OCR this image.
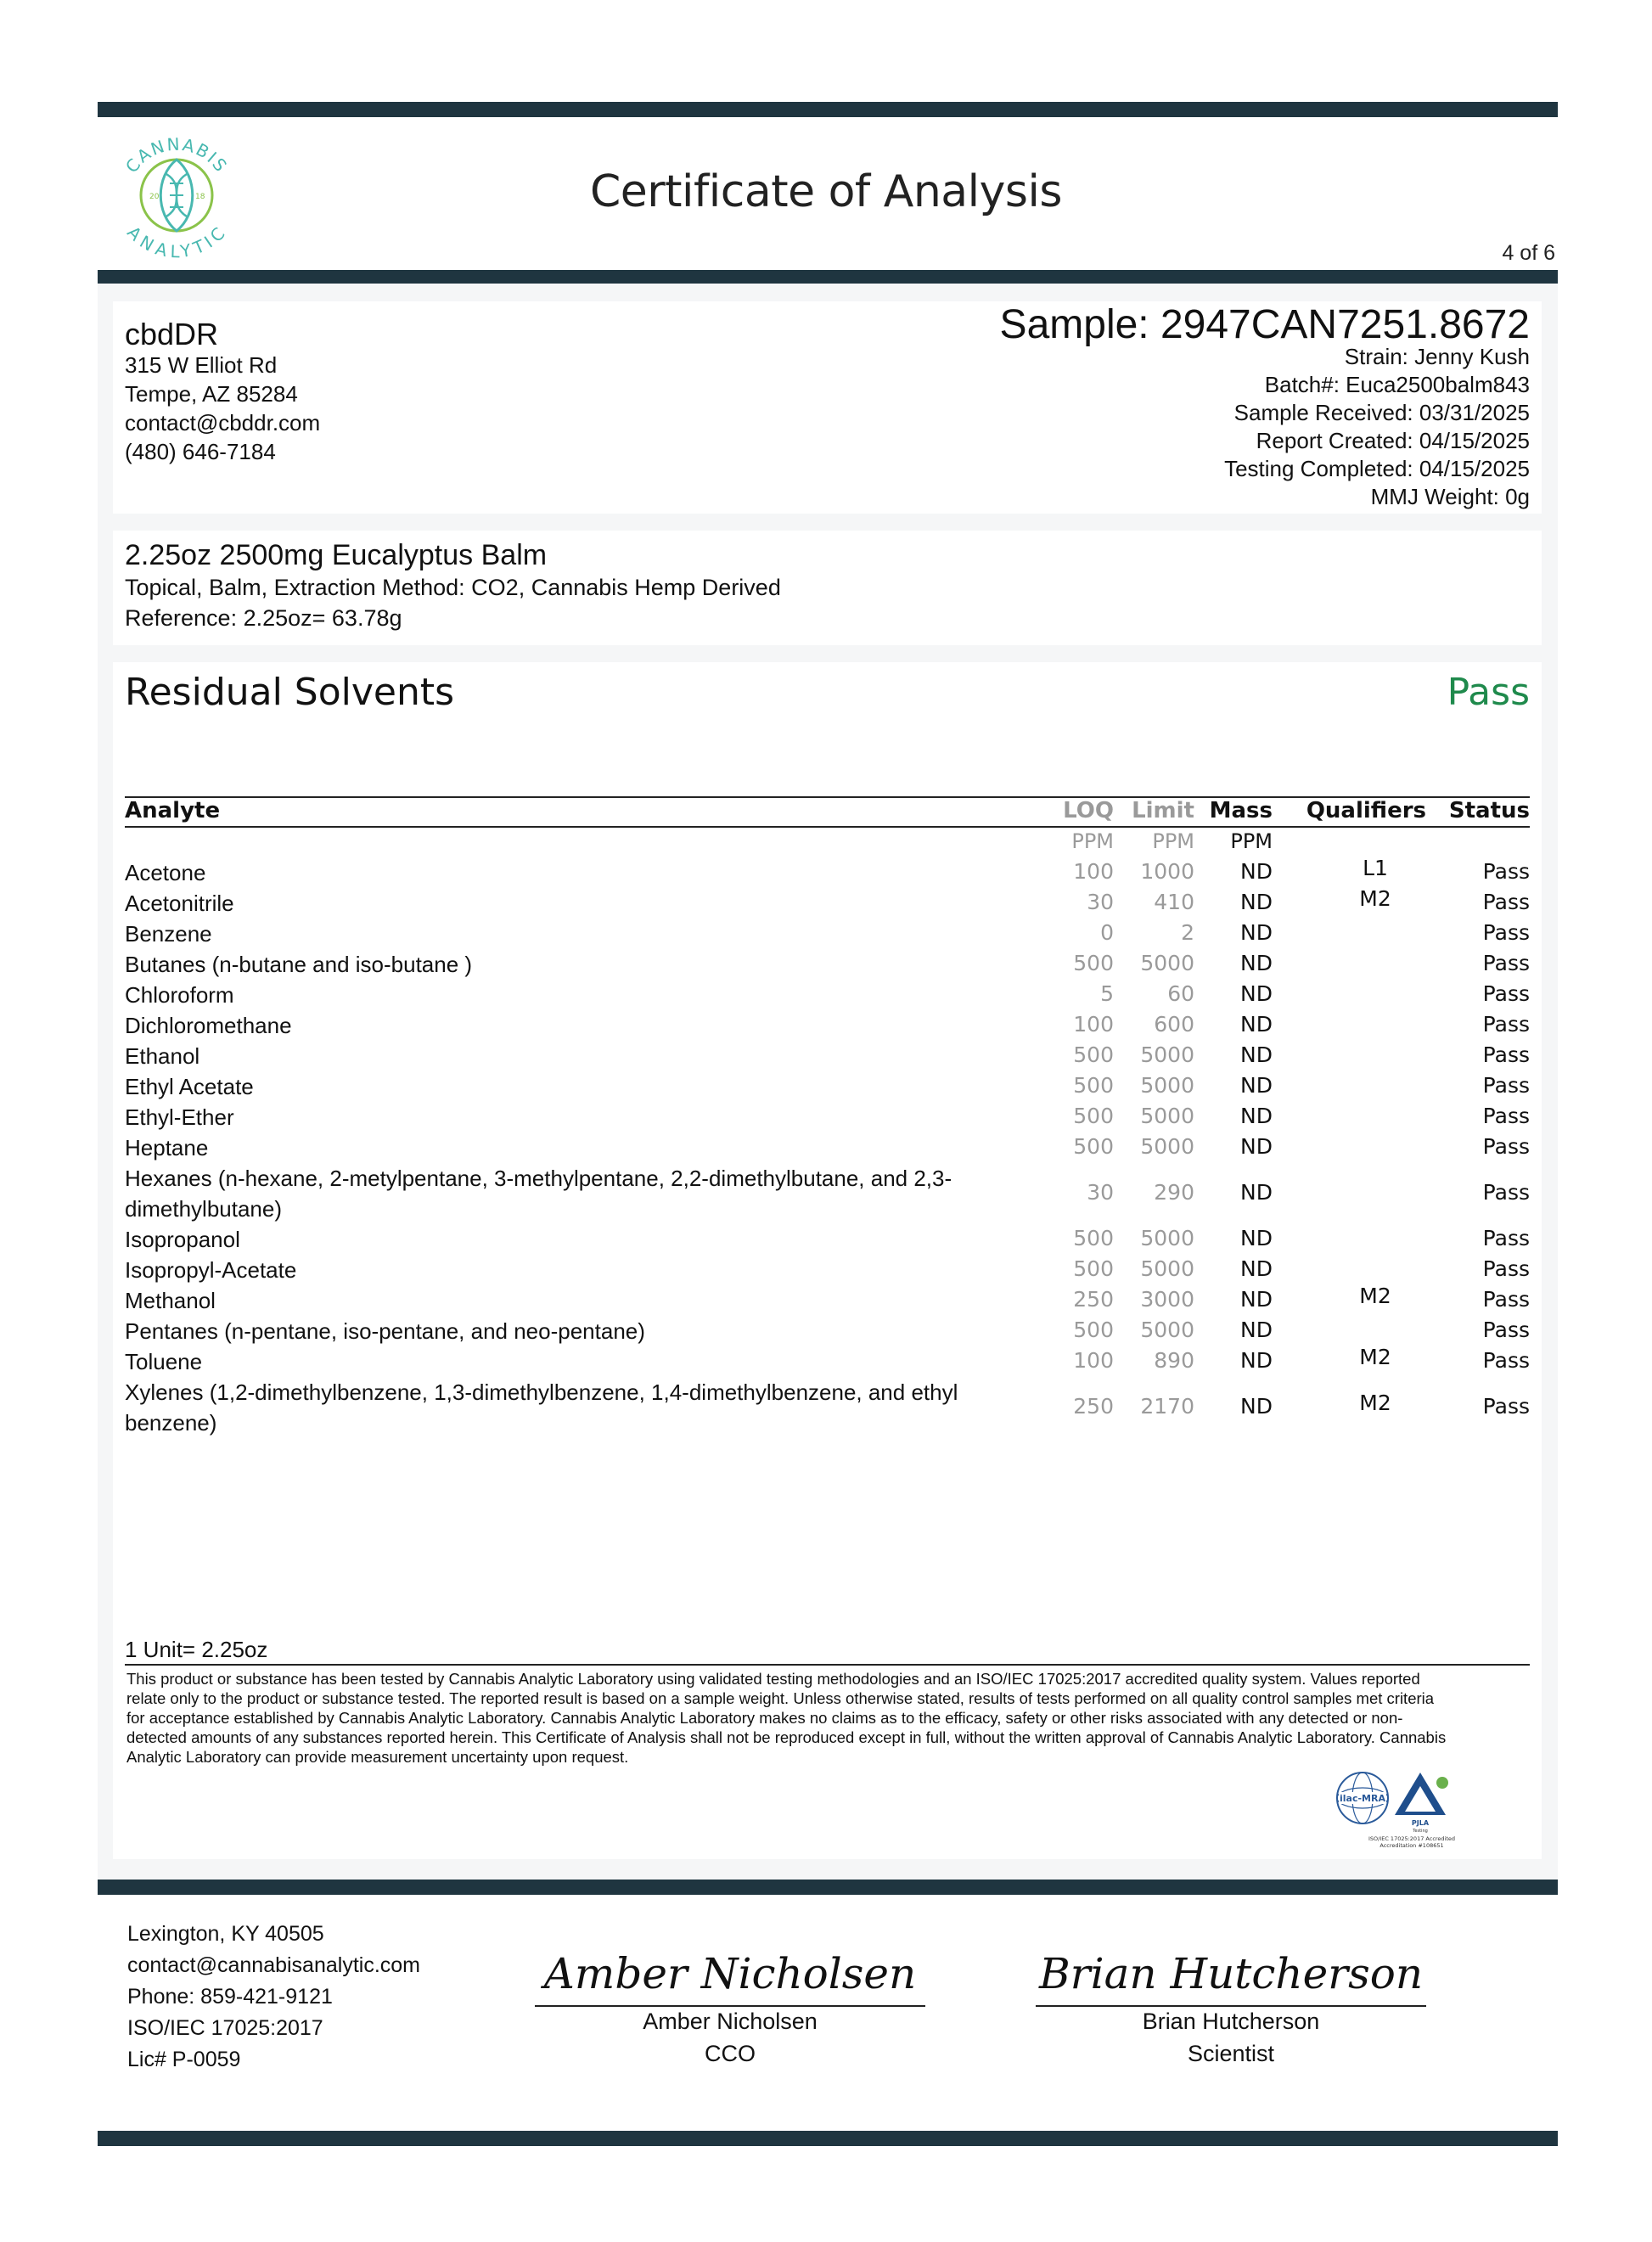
20	18
CANNABIS
ANALYTIC
Certificate of Analysis
4 of 6
cbdDR
315 W Elliot Rd
Tempe, AZ 85284
contact@cbddr.com
(480) 646-7184
Sample: 2947CAN7251.8672
Strain: Jenny Kush
Batch#: Euca2500balm843
Sample Received: 03/31/2025
Report Created: 04/15/2025
Testing Completed: 04/15/2025
MMJ Weight: 0g
2.25oz 2500mg Eucalyptus Balm
Topical, Balm, Extraction Method: CO2, Cannabis Hemp Derived
Reference: 2.25oz= 63.78g
Residual Solvents	Pass
Analyte	LOQ Limit Mass Qualifiers Status
PPM PPM PPM
Acetone	100 1000 ND	L1	Pass
Acetonitrile	30 410 ND	M2	Pass
Benzene	0	2 ND	Pass
Butanes (n-butane and iso-butane )	500 5000 ND	Pass
Chloroform	5	60 ND	Pass
Dichloromethane	100 600 ND	Pass
Ethanol	500 5000 ND	Pass
Ethyl Acetate	500 5000 ND	Pass
Ethyl-Ether	500 5000 ND	Pass
Heptane	500 5000 ND	Pass
Hexanes (n-hexane, 2-metylpentane, 3-methylpentane, 2,2-dimethylbutane, and 2,3-dimethylbutane)
30 290 ND	Pass
Isopropanol	500 5000 ND	Pass
Isopropyl-Acetate	500 5000 ND	Pass
Methanol	250 3000 ND	M2	Pass
Pentanes (n-pentane, iso-pentane, and neo-pentane)	500 5000 ND	Pass
Toluene	100 890 ND	M2	Pass
Xylenes (1,2-dimethylbenzene, 1,3-dimethylbenzene, 1,4-dimethylbenzene, and ethyl benzene)
250 2170 ND	M2	Pass
1 Unit= 2.25oz
This product or substance has been tested by Cannabis Analytic Laboratory using validated testing methodologies and an ISO/IEC 17025:2017 accredited quality system. Values reported relate only to the product or substance tested. The reported result is based on a sample weight. Unless otherwise stated, results of tests performed on all quality control samples met criteria for acceptance established by Cannabis Analytic Laboratory. Cannabis Analytic Laboratory makes no claims as to the efficacy, safety or other risks associated with any detected or non-detected amounts of any substances reported herein. This Certificate of Analysis shall not be reproduced except in full, without the written approval of Cannabis Analytic Laboratory. Cannabis Analytic Laboratory can provide measurement uncertainty upon request.
ilac-MRA
PJLA
Testing
ISO/IEC 17025:2017 Accredited
Accreditation #108651
Lexington, KY 40505
contact@cannabisanalytic.com
Phone: 859-421-9121
ISO/IEC 17025:2017
Lic# P-0059
Amber Nicholsen
Amber Nicholsen
CCO
Brian Hutcherson
Brian Hutcherson
Scientist
